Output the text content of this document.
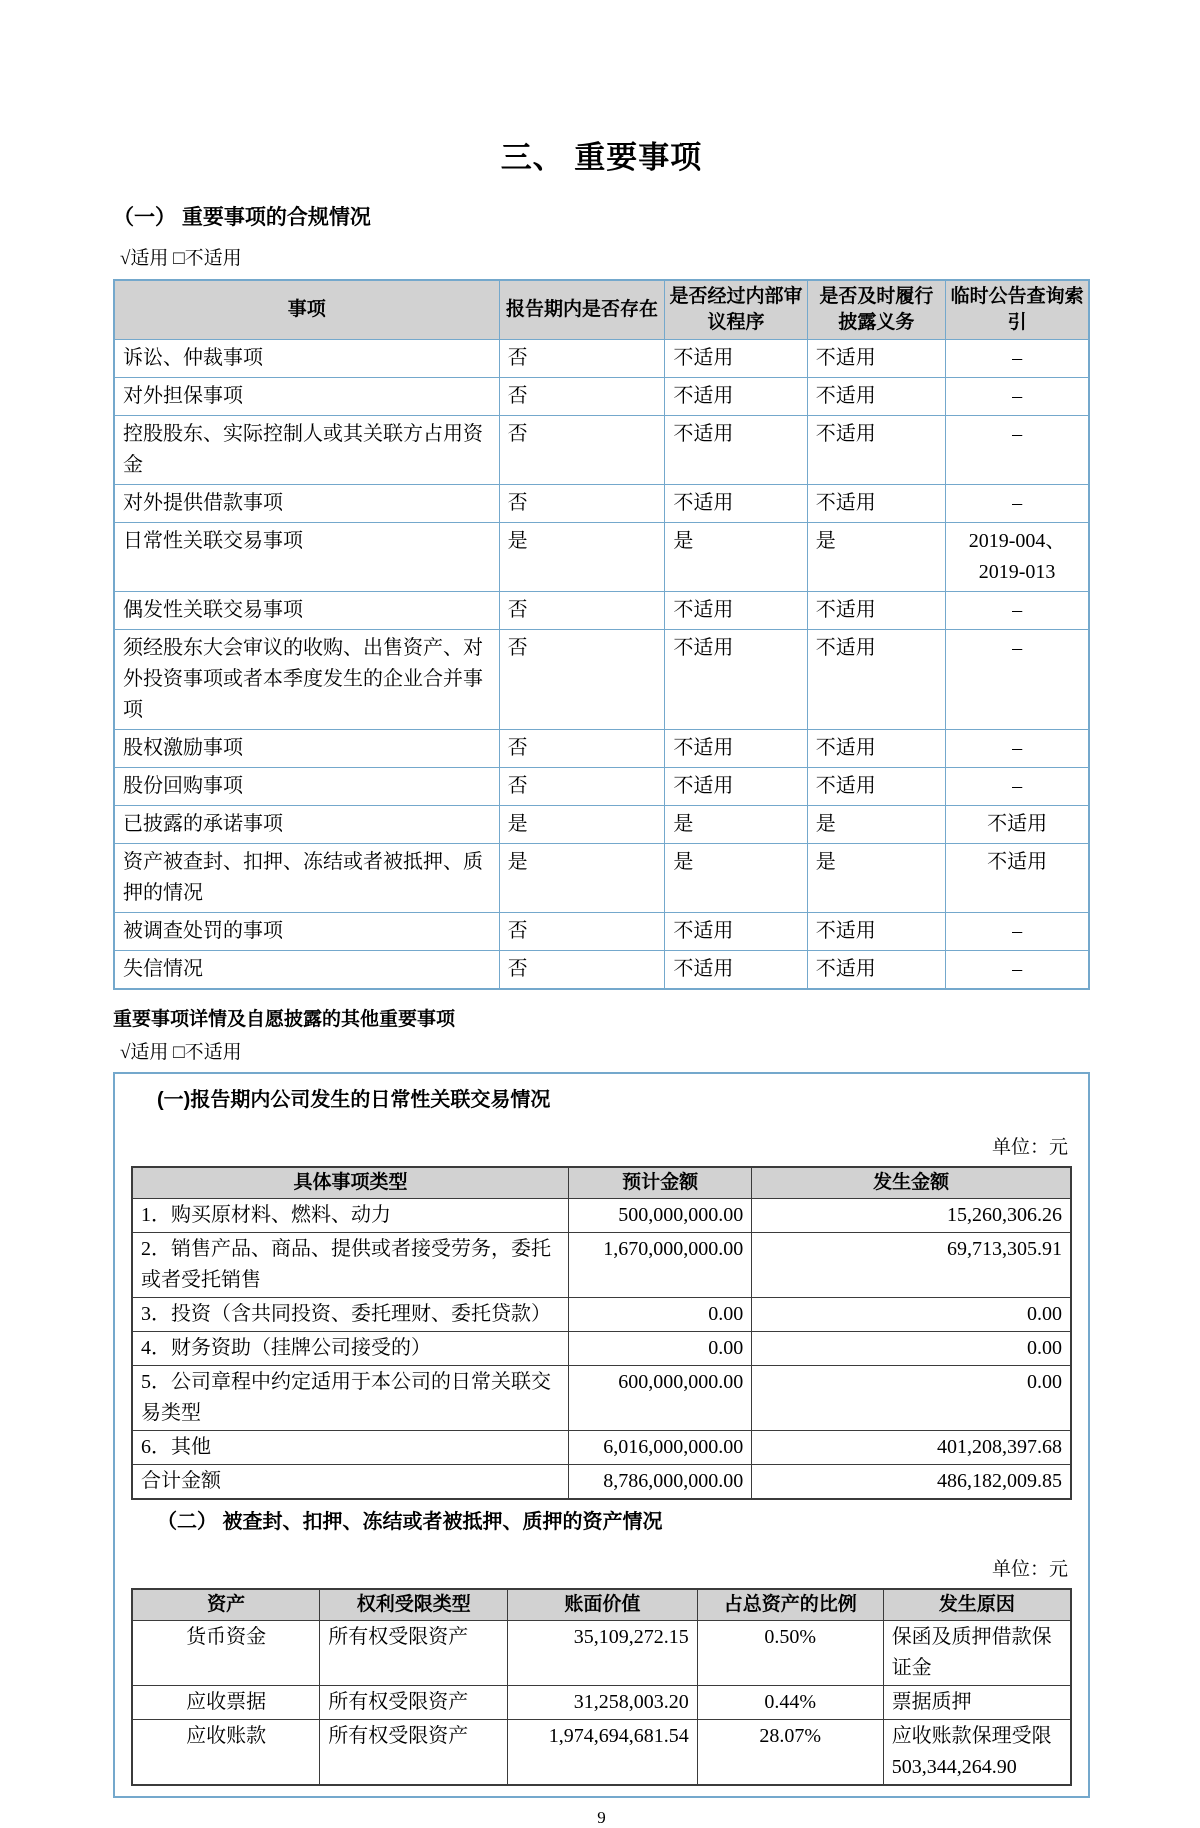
三、 重要事项
（一） 重要事项的合规情况
√适用 □不适用
事项	报告期内是否存在	是否经过内部审议程序	是否及时履行披露义务	临时公告查询索引
诉讼、仲裁事项	否	不适用	不适用	–
对外担保事项	否	不适用	不适用	–
控股股东、实际控制人或其关联方占用资金	否	不适用	不适用	–
对外提供借款事项	否	不适用	不适用	–
日常性关联交易事项	是	是	是	2019-004、2019-013
偶发性关联交易事项	否	不适用	不适用	–
须经股东大会审议的收购、出售资产、对外投资事项或者本季度发生的企业合并事项	否	不适用	不适用	–
股权激励事项	否	不适用	不适用	–
股份回购事项	否	不适用	不适用	–
已披露的承诺事项	是	是	是	不适用
资产被查封、扣押、冻结或者被抵押、质押的情况	是	是	是	不适用
被调查处罚的事项	否	不适用	不适用	–
失信情况	否	不适用	不适用	–
重要事项详情及自愿披露的其他重要事项
√适用 □不适用
(一)报告期内公司发生的日常性关联交易情况
单位：元
具体事项类型	预计金额	发生金额
1．购买原材料、燃料、动力	500,000,000.00	15,260,306.26
2．销售产品、商品、提供或者接受劳务，委托或者受托销售	1,670,000,000.00	69,713,305.91
3．投资（含共同投资、委托理财、委托贷款）	0.00	0.00
4．财务资助（挂牌公司接受的）	0.00	0.00
5．公司章程中约定适用于本公司的日常关联交易类型	600,000,000.00	0.00
6．其他	6,016,000,000.00	401,208,397.68
合计金额	8,786,000,000.00	486,182,009.85
（二） 被查封、扣押、冻结或者被抵押、质押的资产情况
单位：元
资产	权利受限类型	账面价值	占总资产的比例	发生原因
货币资金	所有权受限资产	35,109,272.15	0.50%	保函及质押借款保证金
应收票据	所有权受限资产	31,258,003.20	0.44%	票据质押
应收账款	所有权受限资产	1,974,694,681.54	28.07%	应收账款保理受限 503,344,264.90
9
